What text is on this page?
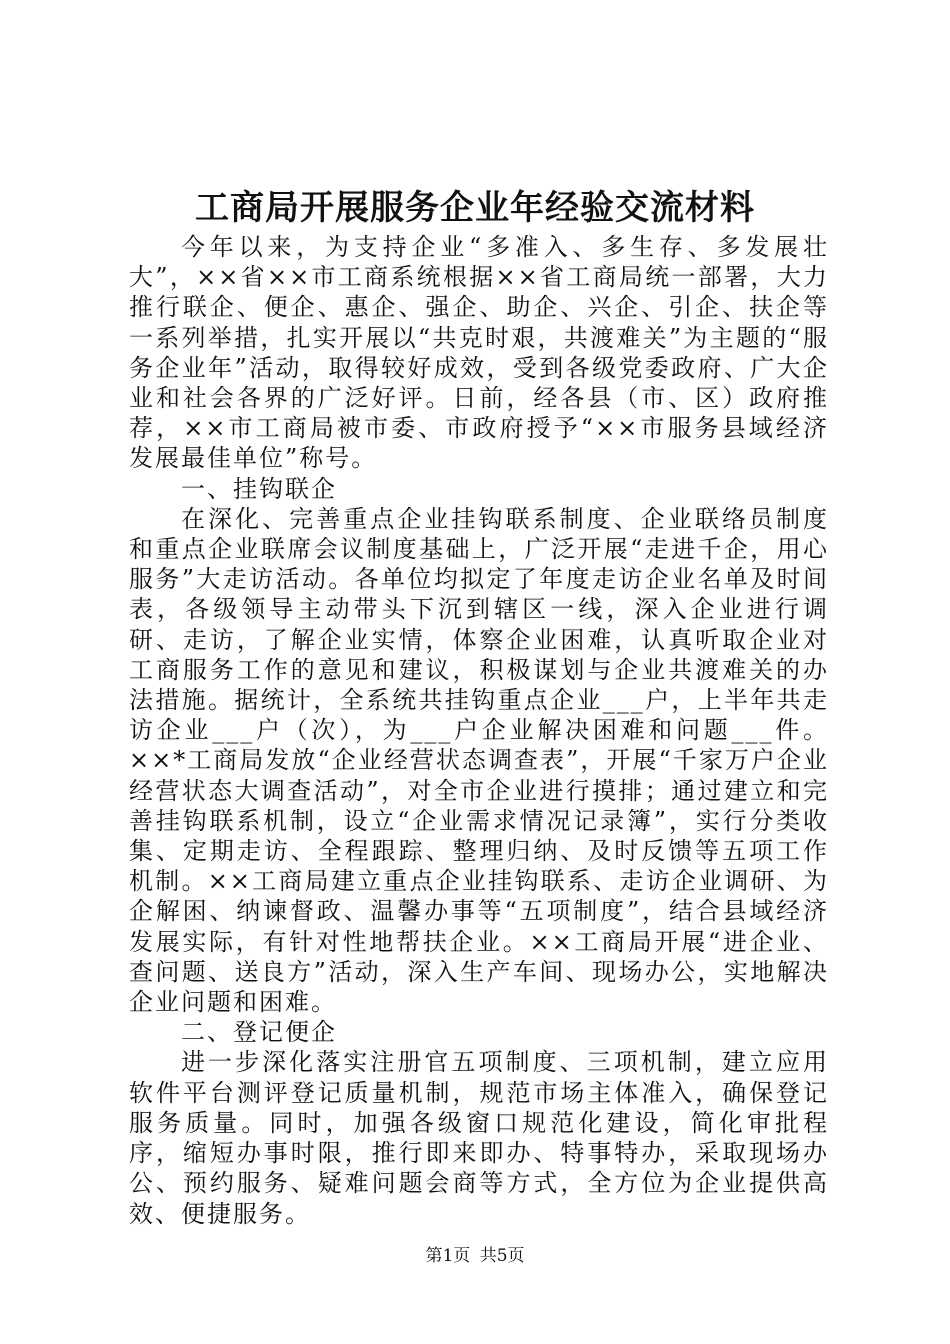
工商局开展服务企业年经验交流材料

今年以来，为支持企业“多准入、多生存、多发展壮大”，××省××市工商系统根据××省工商局统一部署，大力推行联企、便企、惠企、强企、助企、兴企、引企、扶企等一系列举措，扎实开展以“共克时艰，共渡难关”为主题的“服务企业年”活动，取得较好成效，受到各级党委政府、广大企业和社会各界的广泛好评。日前，经各县（市、区）政府推荐，××市工商局被市委、市政府授予“××市服务县域经济发展最佳单位”称号。

一、挂钩联企

在深化、完善重点企业挂钩联系制度、企业联络员制度和重点企业联席会议制度基础上，广泛开展“走进千企，用心服务”大走访活动。各单位均拟定了年度走访企业名单及时间表，各级领导主动带头下沉到辖区一线，深入企业进行调研、走访，了解企业实情，体察企业困难，认真听取企业对工商服务工作的意见和建议，积极谋划与企业共渡难关的办法措施。据统计，全系统共挂钩重点企业___户，上半年共走访企业___户（次），为___户企业解决困难和问题___件。××*工商局发放“企业经营状态调查表”，开展“千家万户企业经营状态大调查活动”，对全市企业进行摸排；通过建立和完善挂钩联系机制，设立“企业需求情况记录簿”，实行分类收集、定期走访、全程跟踪、整理归纳、及时反馈等五项工作机制。××工商局建立重点企业挂钩联系、走访企业调研、为企解困、纳谏督政、温馨办事等“五项制度”，结合县域经济发展实际，有针对性地帮扶企业。××工商局开展“进企业、查问题、送良方”活动，深入生产车间、现场办公，实地解决企业问题和困难。

二、登记便企

进一步深化落实注册官五项制度、三项机制，建立应用软件平台测评登记质量机制，规范市场主体准入，确保登记服务质量。同时，加强各级窗口规范化建设，简化审批程序，缩短办事时限，推行即来即办、特事特办，采取现场办公、预约服务、疑难问题会商等方式，全方位为企业提供高效、便捷服务。

第1页 共5页
